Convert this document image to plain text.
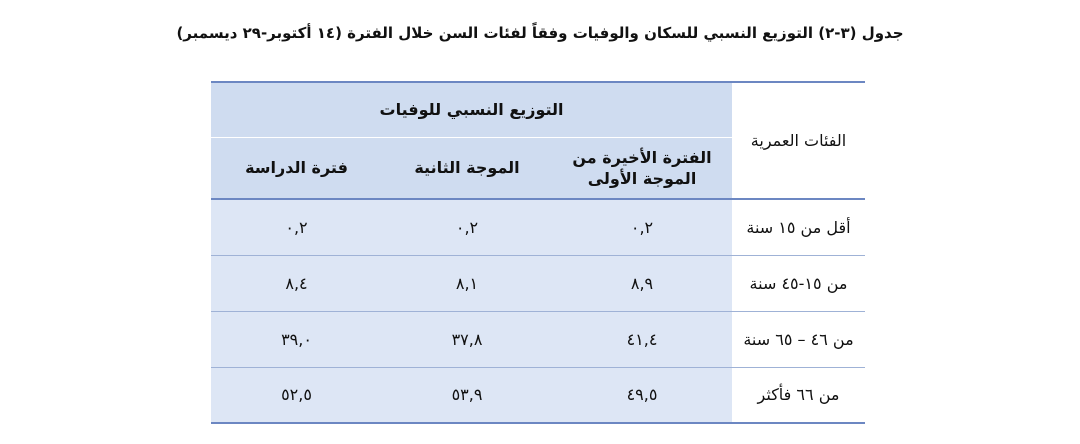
جدول (٣-٢) التوزيع النسبي للسكان والوفيات وفقاً لفئات السن خلال الفترة (١٤ أكتوبر-٢٩ ديسمبر)
الفئات العمرية	التوزيع النسبي للوفيات		
	الفترة الأخيرة من الموجة الأولى	الموجة الثانية	فترة الدراسة
أقل من ١٥ سنة	٠,٢	٠,٢	٠,٢
من ١٥-٤٥ سنة	٨,٩	٨,١	٨,٤
من ٤٦ – ٦٥ سنة	٤١,٤	٣٧,٨	٣٩,٠
من ٦٦ فأكثر	٤٩,٥	٥٣,٩	٥٢,٥
